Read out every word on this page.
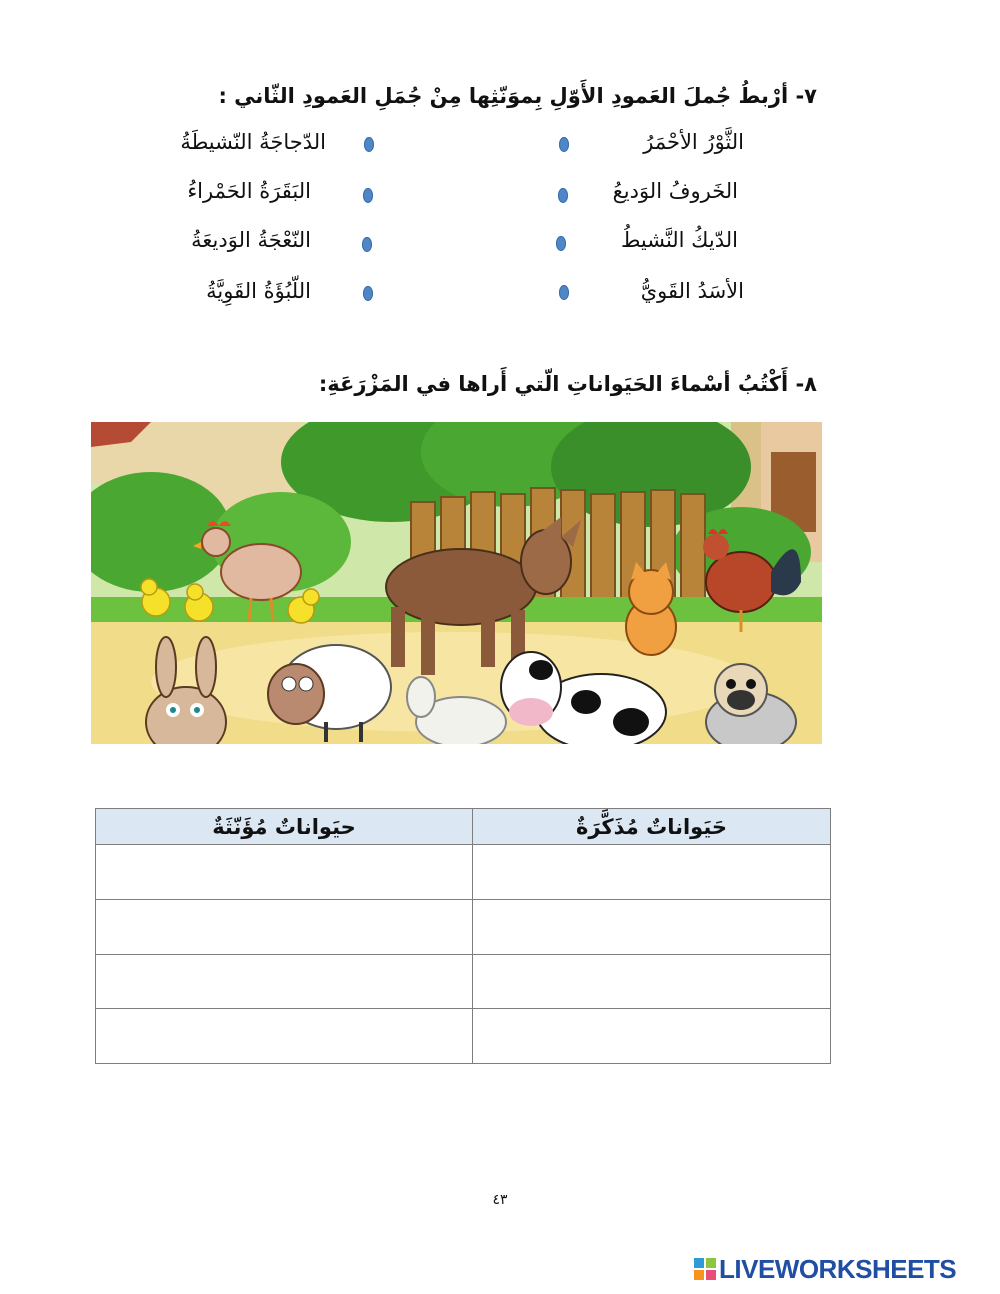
٧- أرْبطُ جُملَ العَمودِ الأَوّلِ بِموَنّثِها مِنْ جُمَلِ العَمودِ الثّاني :
الثَّوْرُ الأحْمَرُ
الخَروفُ الوَديعُ
الدّيكُ النَّشيطُ
الأسَدُ القَويُّ
الدّجاجَةُ النّشيطَةُ
البَقَرَةُ الحَمْراءُ
النّعْجَةُ الوَديعَةُ
اللّبُؤَةُ القَوِيَّةُ
٨- أَكْتُبُ أسْماءَ الحَيَواناتِ الّتي أَراها في المَزْرَعَةِ:
حَيَواناتٌ مُذَكَّرَةٌ	حيَواناتٌ مُؤَنّثَةٌ

٤٣
LIVEWORKSHEETS
